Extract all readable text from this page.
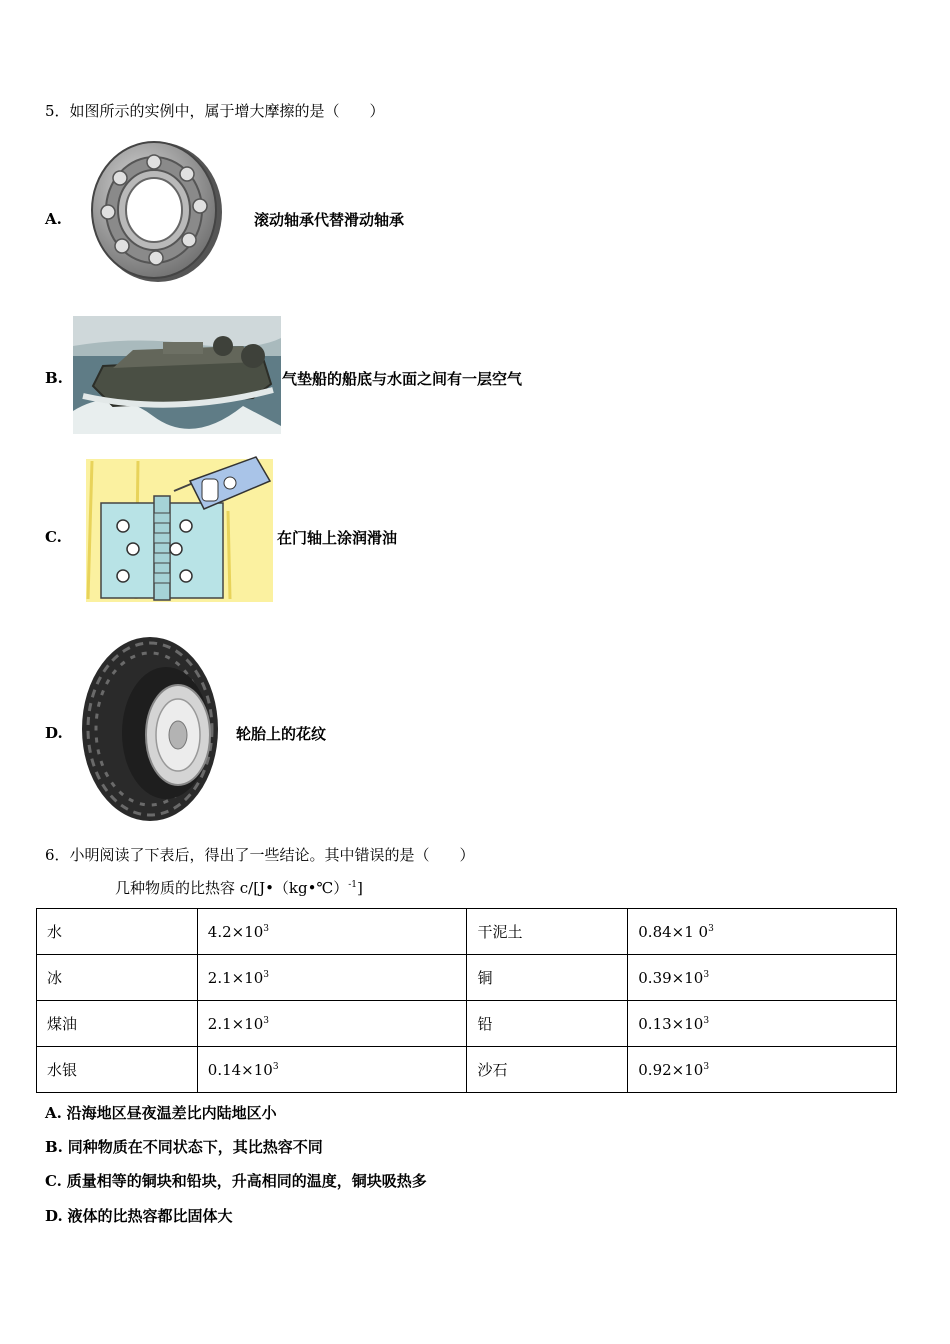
5．如图所示的实例中，属于增大摩擦的是（　　）
A.	滚动轴承代替滑动轴承
B.	气垫船的船底与水面之间有一层空气
C.	在门轴上涂润滑油
D.	轮胎上的花纹
6．小明阅读了下表后，得出了一些结论。其中错误的是（　　）
几种物质的比热容 c/[J•（kg•℃）$^{-1}$]
水	$4.2\times 10^3$	干泥土	0.84×1 $0^3$
冰	$2.1\times 10^3$	铜	$0.39\times 10^3$
煤油	$2.1\times 10^3$	铅	$0.13\times 10^3$
水银	$0.14\times 10^3$	沙石	$0.92\times 10^3$
A. 沿海地区昼夜温差比内陆地区小
B. 同种物质在不同状态下，其比热容不同
C. 质量相等的铜块和铅块，升高相同的温度，铜块吸热多
D. 液体的比热容都比固体大
